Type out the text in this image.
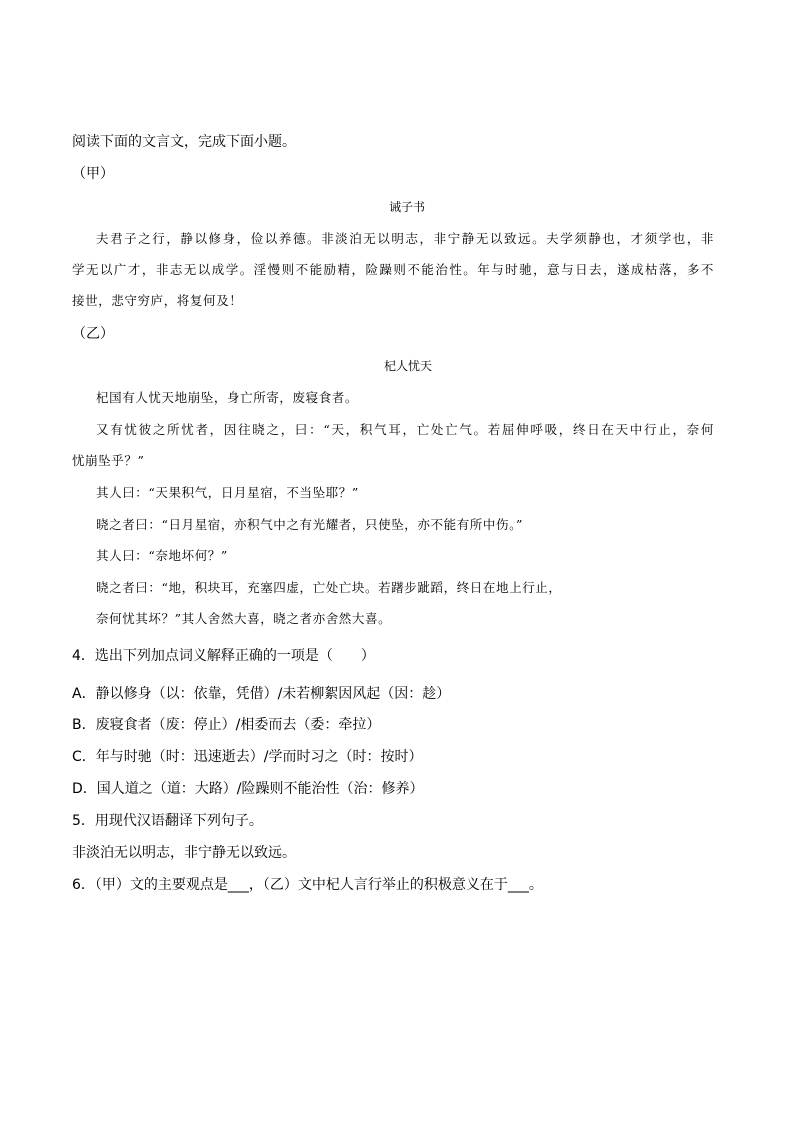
阅读下面的文言文，完成下面小题。
（甲）
诫子书
夫君子之行，静以修身，俭以养德。非淡泊无以明志，非宁静无以致远。夫学须静也，才须学也，非
学无以广才，非志无以成学。淫慢则不能励精，险躁则不能治性。年与时驰，意与日去，遂成枯落，多不
接世，悲守穷庐，将复何及！
（乙）
杞人忧天
杞国有人忧天地崩坠，身亡所寄，废寝食者。
又有忧彼之所忧者，因往晓之，曰：“天，积气耳，亡处亡气。若屈伸呼吸，终日在天中行止，奈何
忧崩坠乎？”
其人曰：“天果积气，日月星宿，不当坠耶？”
晓之者曰：“日月星宿，亦积气中之有光耀者，只使坠，亦不能有所中伤。”
其人曰：“奈地坏何？”
晓之者曰：“地，积块耳，充塞四虚，亡处亡块。若躇步跐蹈，终日在地上行止，
奈何忧其坏？”其人舍然大喜，晓之者亦舍然大喜。
4．选出下列加点词义解释正确的一项是（　　）
A．静以修身（以：依靠，凭借）/未若柳絮因风起（因：趁）
B．废寝食者（废：停止）/相委而去（委：牵拉）
C．年与时驰（时：迅速逝去）/学而时习之（时：按时）
D．国人道之（道：大路）/险躁则不能治性（治：修养）
5．用现代汉语翻译下列句子。
非淡泊无以明志，非宁静无以致远。
6．（甲）文的主要观点是___，（乙）文中杞人言行举止的积极意义在于___。
